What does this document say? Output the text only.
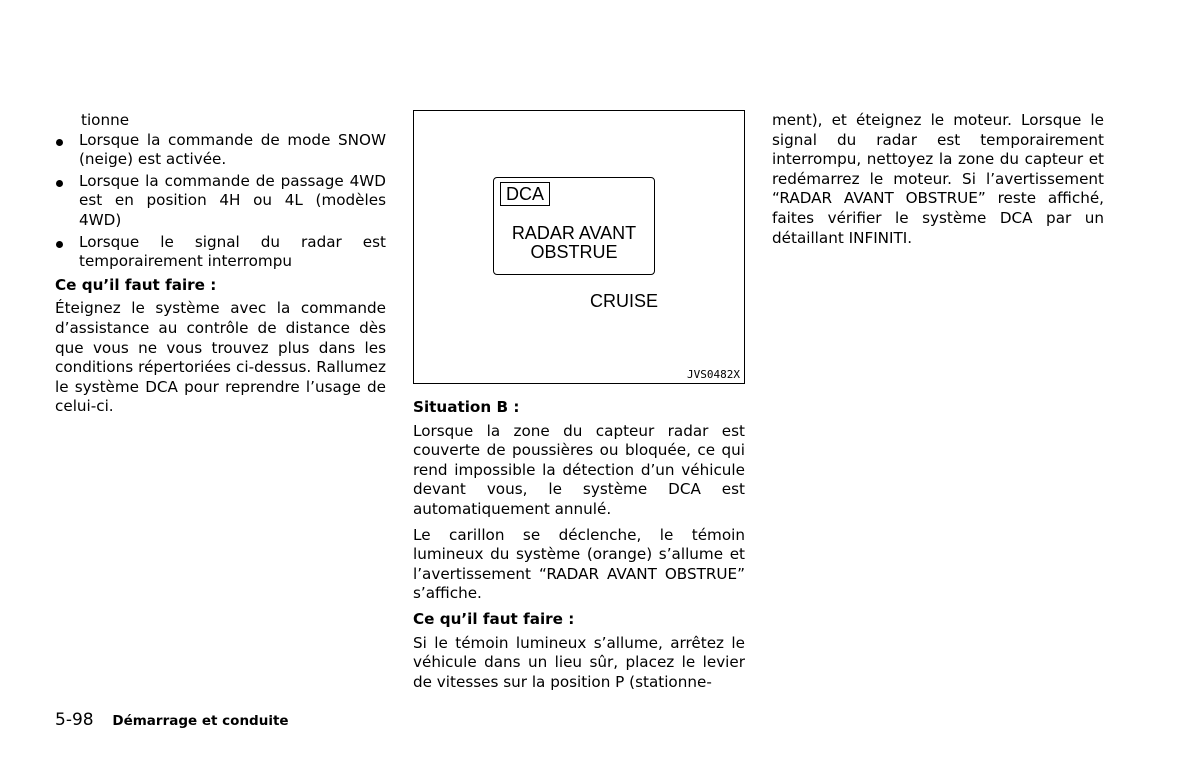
tionne

Lorsque la commande de mode SNOW (neige) est activée.
Lorsque la commande de passage 4WD est en position 4H ou 4L (modèles 4WD)
Lorsque le signal du radar est temporairement interrompu

Ce qu’il faut faire :

Éteignez le système avec la commande d’assistance au contrôle de distance dès que vous ne vous trouvez plus dans les conditions répertoriées ci-dessus. Rallumez le système DCA pour reprendre l’usage de celui-ci.

DCA
RADAR AVANT
OBSTRUE
CRUISE
JVS0482X

Situation B :

Lorsque la zone du capteur radar est couverte de poussières ou bloquée, ce qui rend impossible la détection d’un véhicule devant vous, le système DCA est automatiquement annulé.

Le carillon se déclenche, le témoin lumineux du système (orange) s’allume et l’avertissement “RADAR AVANT OBSTRUE” s’affiche.

Ce qu’il faut faire :

Si le témoin lumineux s’allume, arrêtez le véhicule dans un lieu sûr, placez le levier de vitesses sur la position P (stationne-

ment), et éteignez le moteur. Lorsque le signal du radar est temporairement interrompu, nettoyez la zone du capteur et redémarrez le moteur. Si l’avertissement “RADAR AVANT OBSTRUE” reste affiché, faites vérifier le système DCA par un détaillant INFINITI.

5-98 Démarrage et conduite
